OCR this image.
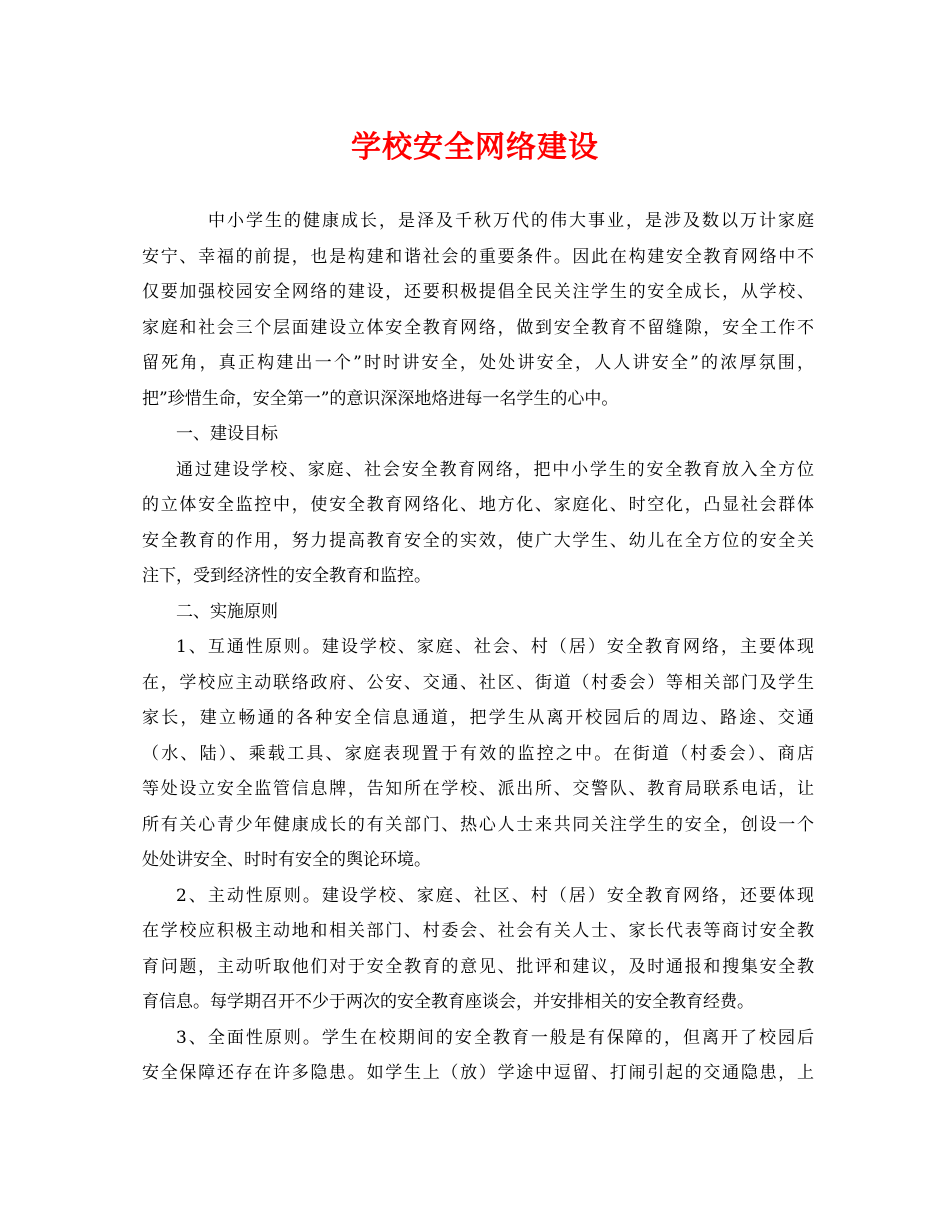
学校安全网络建设
中小学生的健康成长，是泽及千秋万代的伟大事业，是涉及数以万计家庭
安宁、幸福的前提，也是构建和谐社会的重要条件。因此在构建安全教育网络中不
仅要加强校园安全网络的建设，还要积极提倡全民关注学生的安全成长，从学校、
家庭和社会三个层面建设立体安全教育网络，做到安全教育不留缝隙，安全工作不
留死角，真正构建出一个”时时讲安全，处处讲安全，人人讲安全”的浓厚氛围，
把”珍惜生命，安全第一”的意识深深地烙进每一名学生的心中。
一、建设目标
通过建设学校、家庭、社会安全教育网络，把中小学生的安全教育放入全方位
的立体安全监控中，使安全教育网络化、地方化、家庭化、时空化，凸显社会群体
安全教育的作用，努力提高教育安全的实效，使广大学生、幼儿在全方位的安全关
注下，受到经济性的安全教育和监控。
二、实施原则
1、互通性原则。建设学校、家庭、社会、村（居）安全教育网络，主要体现
在，学校应主动联络政府、公安、交通、社区、街道（村委会）等相关部门及学生
家长，建立畅通的各种安全信息通道，把学生从离开校园后的周边、路途、交通
（水、陆）、乘载工具、家庭表现置于有效的监控之中。在街道（村委会）、商店
等处设立安全监管信息牌，告知所在学校、派出所、交警队、教育局联系电话，让
所有关心青少年健康成长的有关部门、热心人士来共同关注学生的安全，创设一个
处处讲安全、时时有安全的舆论环境。
2、主动性原则。建设学校、家庭、社区、村（居）安全教育网络，还要体现
在学校应积极主动地和相关部门、村委会、社会有关人士、家长代表等商讨安全教
育问题，主动听取他们对于安全教育的意见、批评和建议，及时通报和搜集安全教
育信息。每学期召开不少于两次的安全教育座谈会，并安排相关的安全教育经费。
3、全面性原则。学生在校期间的安全教育一般是有保障的，但离开了校园后
安全保障还存在许多隐患。如学生上（放）学途中逗留、打闹引起的交通隐患，上
